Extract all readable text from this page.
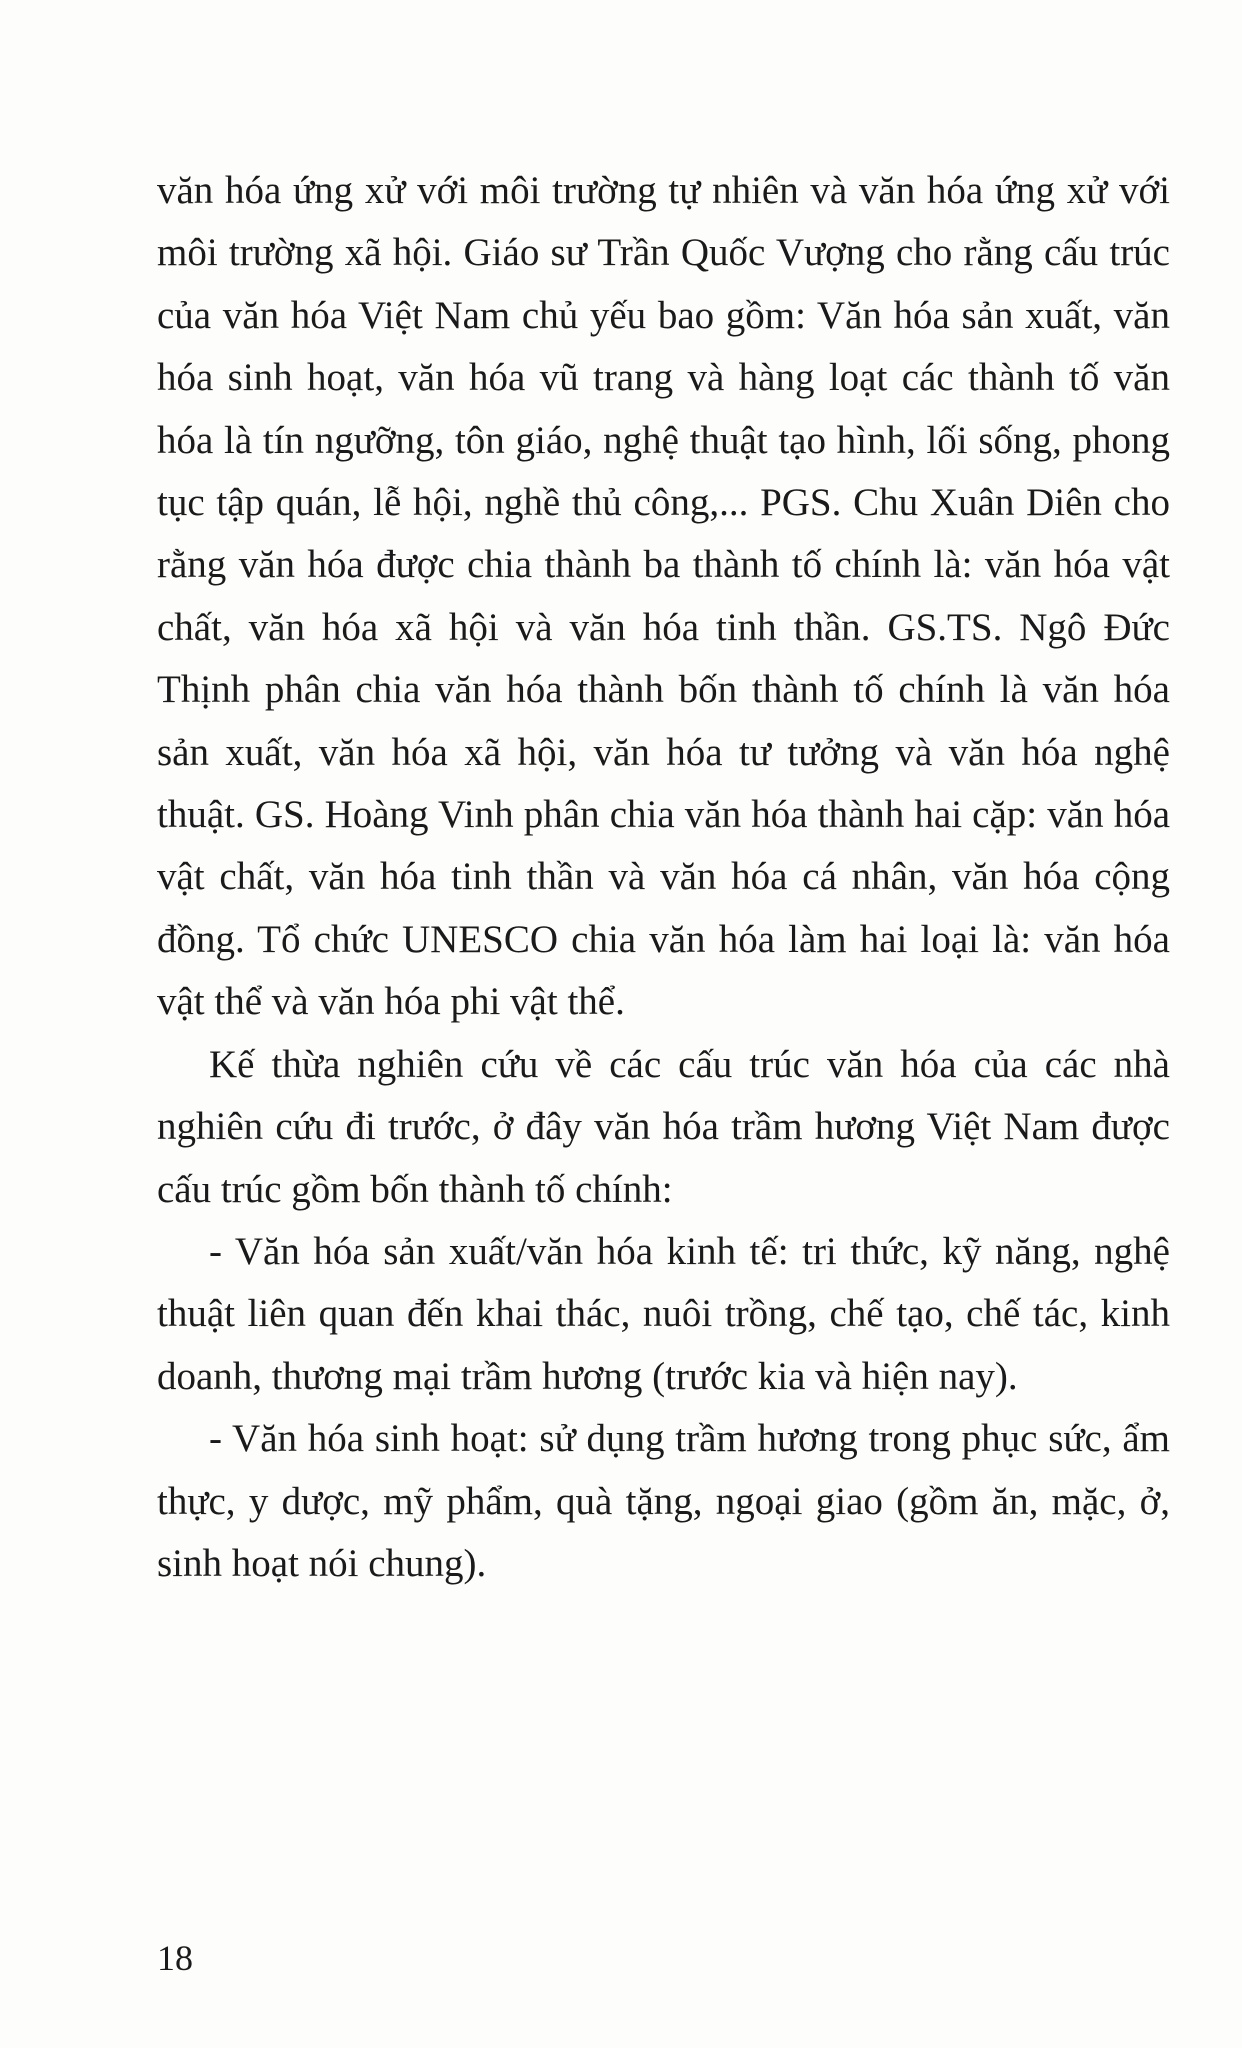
văn hóa ứng xử với môi trường tự nhiên và văn hóa ứng xử với môi trường xã hội. Giáo sư Trần Quốc Vượng cho rằng cấu trúc của văn hóa Việt Nam chủ yếu bao gồm: Văn hóa sản xuất, văn hóa sinh hoạt, văn hóa vũ trang và hàng loạt các thành tố văn hóa là tín ngưỡng, tôn giáo, nghệ thuật tạo hình, lối sống, phong tục tập quán, lễ hội, nghề thủ công,... PGS. Chu Xuân Diên cho rằng văn hóa được chia thành ba thành tố chính là: văn hóa vật chất, văn hóa xã hội và văn hóa tinh thần. GS.TS. Ngô Đức Thịnh phân chia văn hóa thành bốn thành tố chính là văn hóa sản xuất, văn hóa xã hội, văn hóa tư tưởng và văn hóa nghệ thuật. GS. Hoàng Vinh phân chia văn hóa thành hai cặp: văn hóa vật chất, văn hóa tinh thần và văn hóa cá nhân, văn hóa cộng đồng. Tổ chức UNESCO chia văn hóa làm hai loại là: văn hóa vật thể và văn hóa phi vật thể.

Kế thừa nghiên cứu về các cấu trúc văn hóa của các nhà nghiên cứu đi trước, ở đây văn hóa trầm hương Việt Nam được cấu trúc gồm bốn thành tố chính:

- Văn hóa sản xuất/văn hóa kinh tế: tri thức, kỹ năng, nghệ thuật liên quan đến khai thác, nuôi trồng, chế tạo, chế tác, kinh doanh, thương mại trầm hương (trước kia và hiện nay).

- Văn hóa sinh hoạt: sử dụng trầm hương trong phục sức, ẩm thực, y dược, mỹ phẩm, quà tặng, ngoại giao (gồm ăn, mặc, ở, sinh hoạt nói chung).

18
